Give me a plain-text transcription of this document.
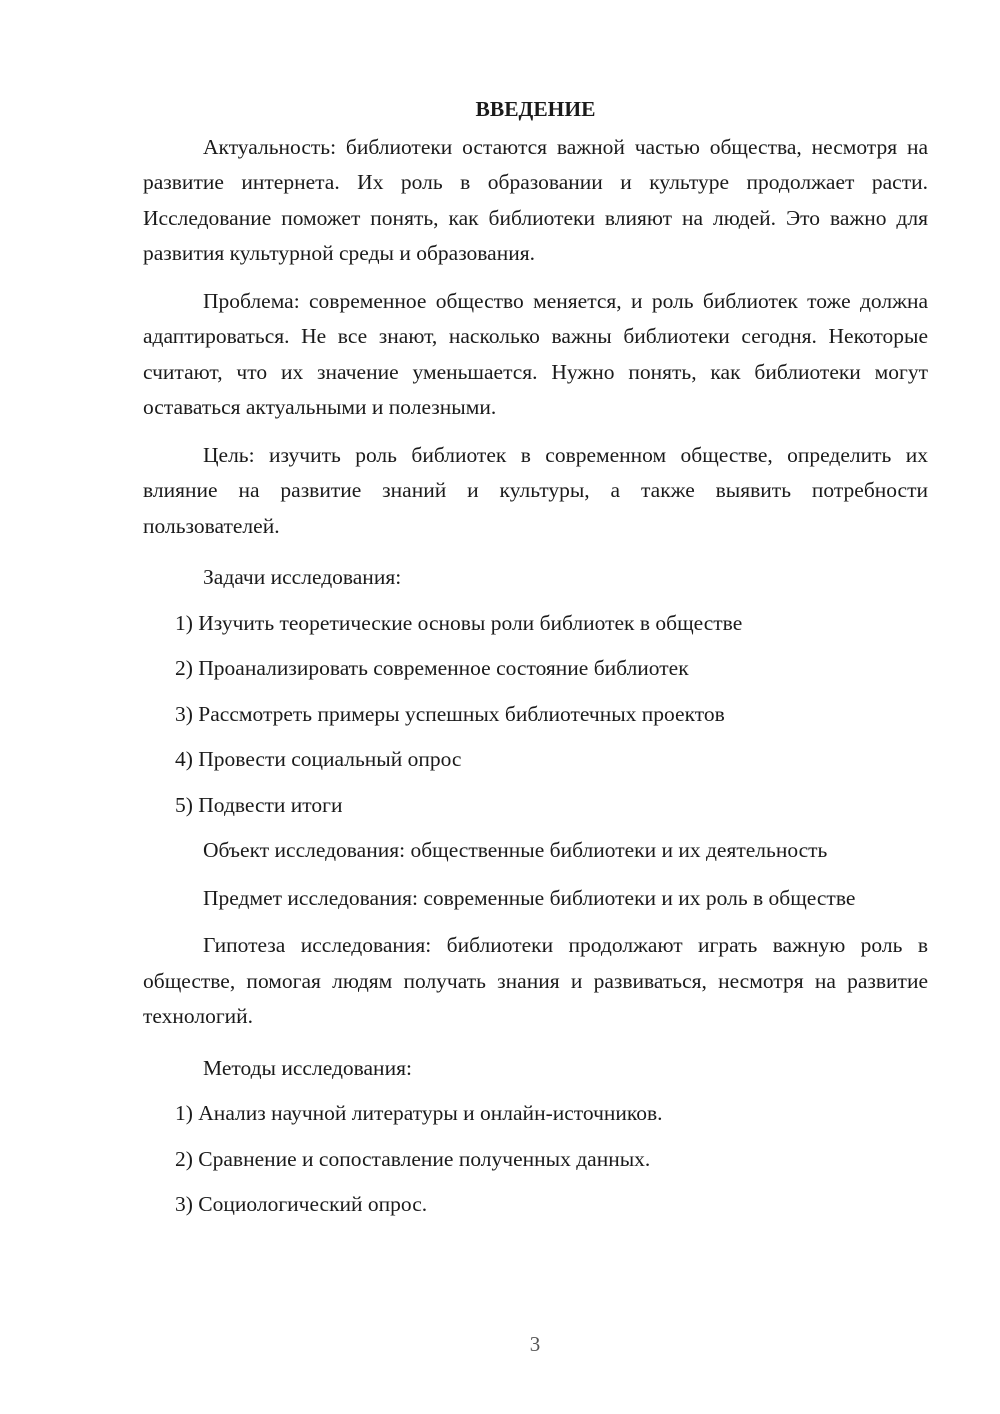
ВВЕДЕНИЕ

Актуальность: библиотеки остаются важной частью общества, несмотря на развитие интернета. Их роль в образовании и культуре продолжает расти. Исследование поможет понять, как библиотеки влияют на людей. Это важно для развития культурной среды и образования.

Проблема: современное общество меняется, и роль библиотек тоже должна адаптироваться. Не все знают, насколько важны библиотеки сегодня. Некоторые считают, что их значение уменьшается. Нужно понять, как библиотеки могут оставаться актуальными и полезными.

Цель: изучить роль библиотек в современном обществе, определить их влияние на развитие знаний и культуры, а также выявить потребности пользователей.

Задачи исследования:

1) Изучить теоретические основы роли библиотек в обществе
2) Проанализировать современное состояние библиотек
3) Рассмотреть примеры успешных библиотечных проектов
4) Провести социальный опрос
5) Подвести итоги

Объект исследования: общественные библиотеки и их деятельность

Предмет исследования: современные библиотеки и их роль в обществе

Гипотеза исследования: библиотеки продолжают играть важную роль в обществе, помогая людям получать знания и развиваться, несмотря на развитие технологий.

Методы исследования:

1) Анализ научной литературы и онлайн-источников.
2) Сравнение и сопоставление полученных данных.
3) Социологический опрос.
3
